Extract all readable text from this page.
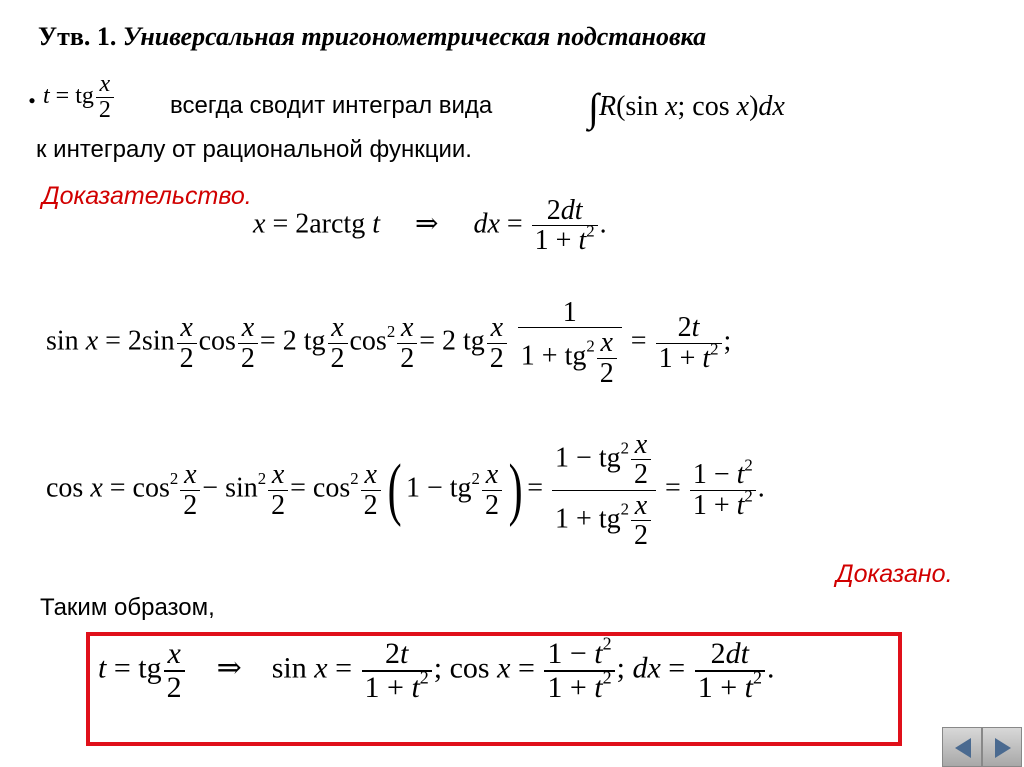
Утв. 1. Универсальная тригонометрическая подстановка
. t = tg $\frac{x}{2}$ всегда сводит интеграл вида ∫R(sin x; cos x)dx
к интегралу от рациональной функции.
Доказательство.
x = 2arctg t     ⇒     dx = $\frac{2dt}{1 + t^2}$ .
$\sin x = 2\sin \frac{x}{2}$ $\cos \frac{x}{2} = 2$ tg $\frac{x}{2} \cos^2 \frac{x}{2} = 2$ tg $\frac{x}{2}$
$\frac{1}{1 + tg^2 \frac{x}{2}} = \frac{2t}{1 + t^2}$ ;
$\cos x = \cos^2 \frac{x}{2} - \sin^2 \frac{x}{2} = \cos^2 \frac{x}{2}$ ( $1 - tg^2 \frac{x}{2}$ ) = $\frac{1 - tg^2 \frac{x}{2}}{1 + tg^2 \frac{x}{2}} = \frac{1 - t^2}{1 + t^2}$ .
Доказано.
Таким образом,
t = tg $\frac{x}{2}$ ⇒    $\sin x = \frac{2t}{1 + t^2}$ ; $\cos x = \frac{1 - t^2}{1 + t^2}$ ; dx = $\frac{2dt}{1 + t^2}$ .
